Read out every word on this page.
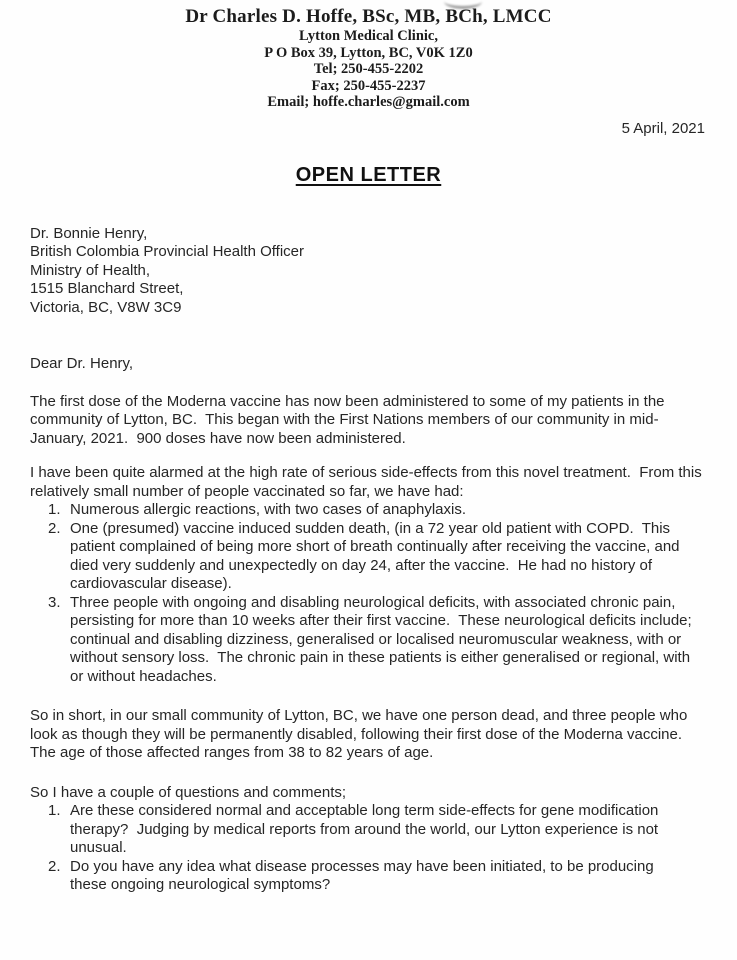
Dr Charles D. Hoffe, BSc, MB, BCh, LMCC
Lytton Medical Clinic,
P O Box 39, Lytton, BC, V0K 1Z0
Tel; 250-455-2202
Fax; 250-455-2237
Email; hoffe.charles@gmail.com
5 April, 2021
OPEN LETTER
Dr. Bonnie Henry,
British Colombia Provincial Health Officer
Ministry of Health,
1515 Blanchard Street,
Victoria, BC, V8W 3C9
Dear Dr. Henry,

The first dose of the Moderna vaccine has now been administered to some of my patients in the community of Lytton, BC.  This began with the First Nations members of our community in mid-January, 2021.  900 doses have now been administered.

I have been quite alarmed at the high rate of serious side-effects from this novel treatment.  From this relatively small number of people vaccinated so far, we have had:

1. Numerous allergic reactions, with two cases of anaphylaxis.
2. One (presumed) vaccine induced sudden death, (in a 72 year old patient with COPD.  This patient complained of being more short of breath continually after receiving the vaccine, and died very suddenly and unexpectedly on day 24, after the vaccine.  He had no history of cardiovascular disease).
3. Three people with ongoing and disabling neurological deficits, with associated chronic pain, persisting for more than 10 weeks after their first vaccine.  These neurological deficits include;  continual and disabling dizziness, generalised or localised neuromuscular weakness, with or without sensory loss.  The chronic pain in these patients is either generalised or regional, with or without headaches.

So in short, in our small community of Lytton, BC, we have one person dead, and three people who look as though they will be permanently disabled, following their first dose of the Moderna vaccine.  The age of those affected ranges from 38 to 82 years of age.

So I have a couple of questions and comments;

1. Are these considered normal and acceptable long term side-effects for gene modification therapy?  Judging by medical reports from around the world, our Lytton experience is not unusual.
2. Do you have any idea what disease processes may have been initiated, to be producing these ongoing neurological symptoms?
